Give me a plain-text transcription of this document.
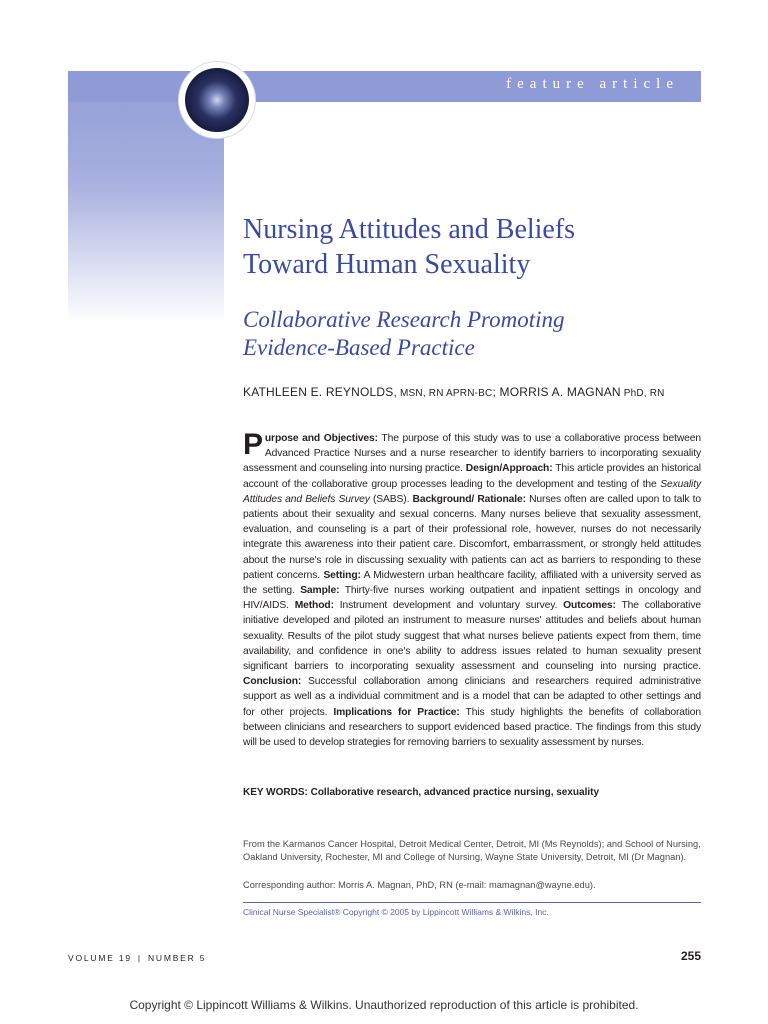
feature article
Nursing Attitudes and Beliefs
Toward Human Sexuality
Collaborative Research Promoting
Evidence-Based Practice
KATHLEEN E. REYNOLDS, MSN, RN APRN-BC; MORRIS A. MAGNAN PhD, RN

Purpose and Objectives: The purpose of this study was to use a collaborative process between Advanced Practice Nurses and a nurse researcher to identify barriers to incorporating sexuality assessment and counseling into nursing practice. Design/Approach: This article provides an historical account of the collaborative group processes leading to the development and testing of the Sexuality Attitudes and Beliefs Survey (SABS). Background/ Rationale: Nurses often are called upon to talk to patients about their sexuality and sexual concerns. Many nurses believe that sexuality assessment, evaluation, and counseling is a part of their professional role, however, nurses do not necessarily integrate this awareness into their patient care. Discomfort, embarrassment, or strongly held attitudes about the nurse's role in discussing sexuality with patients can act as barriers to responding to these patient concerns. Setting: A Midwestern urban healthcare facility, affiliated with a university served as the setting. Sample: Thirty-five nurses working outpatient and inpatient settings in oncology and HIV/AIDS. Method: Instrument development and voluntary survey. Outcomes: The collaborative initiative developed and piloted an instrument to measure nurses' attitudes and beliefs about human sexuality. Results of the pilot study suggest that what nurses believe patients expect from them, time availability, and confidence in one's ability to address issues related to human sexuality present significant barriers to incorporating sexuality assessment and counseling into nursing practice. Conclusion: Successful collaboration among clinicians and researchers required administrative support as well as a individual commitment and is a model that can be adapted to other settings and for other projects. Implications for Practice: This study highlights the benefits of collaboration between clinicians and researchers to support evidenced based practice. The findings from this study will be used to develop strategies for removing barriers to sexuality assessment by nurses.

KEY WORDS: Collaborative research, advanced practice nursing, sexuality

From the Karmanos Cancer Hospital, Detroit Medical Center, Detroit, MI (Ms Reynolds); and School of Nursing, Oakland University, Rochester, MI and College of Nursing, Wayne State University, Detroit, MI (Dr Magnan).

Corresponding author: Morris A. Magnan, PhD, RN (e-mail: mamagnan@wayne.edu).
Clinical Nurse Specialist® Copyright © 2005 by Lippincott Williams & Wilkins, Inc.
VOLUME 19 | NUMBER 5	255
Copyright © Lippincott Williams & Wilkins. Unauthorized reproduction of this article is prohibited.
